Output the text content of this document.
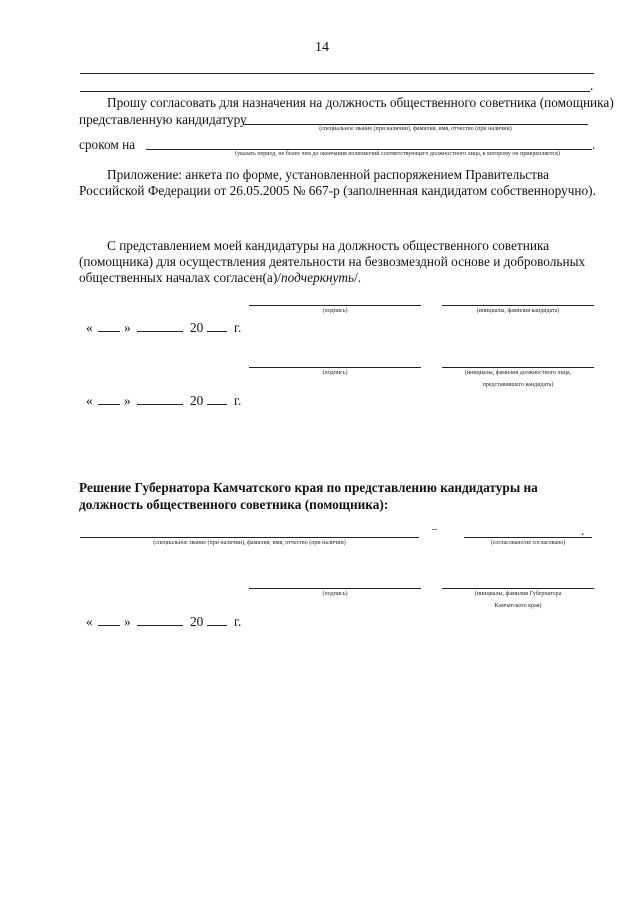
14
.
Прошу согласовать для назначения на должность общественного советника (помощника)
представленную кандидатуру
(специальное звание (при наличии), фамилия, имя, отчество (при наличии)
сроком на	.
(указать период, не более чем до окончания полномочий соответствующего должностного лица, к которому он прикрепляется)
Приложение: анкета по форме, установленной распоряжением Правительства
Российской Федерации от 26.05.2005 № 667-р (заполненная кандидатом собственноручно).
С представлением моей кандидатуры на должность общественного советника
(помощника) для осуществления деятельности на безвозмездной основе и добровольных
общественных началах согласен(а)/подчеркнуть/.
(подпись)	(инициалы, фамилия кандидата)
« »	20 г.
(подпись)	(инициалы, фамилия должностного лица,
представившего кандидата)
« »	20 г.
Решение Губернатора Камчатского края по представлению кандидатуры на
должность общественного советника (помощника):
(специальное звание (при наличии), фамилия, имя, отчество (при наличии)
–	.
(согласовано/не согласовано)
(подпись)	(инициалы, фамилия Губернатора
Камчатского края)
« »	20 г.
